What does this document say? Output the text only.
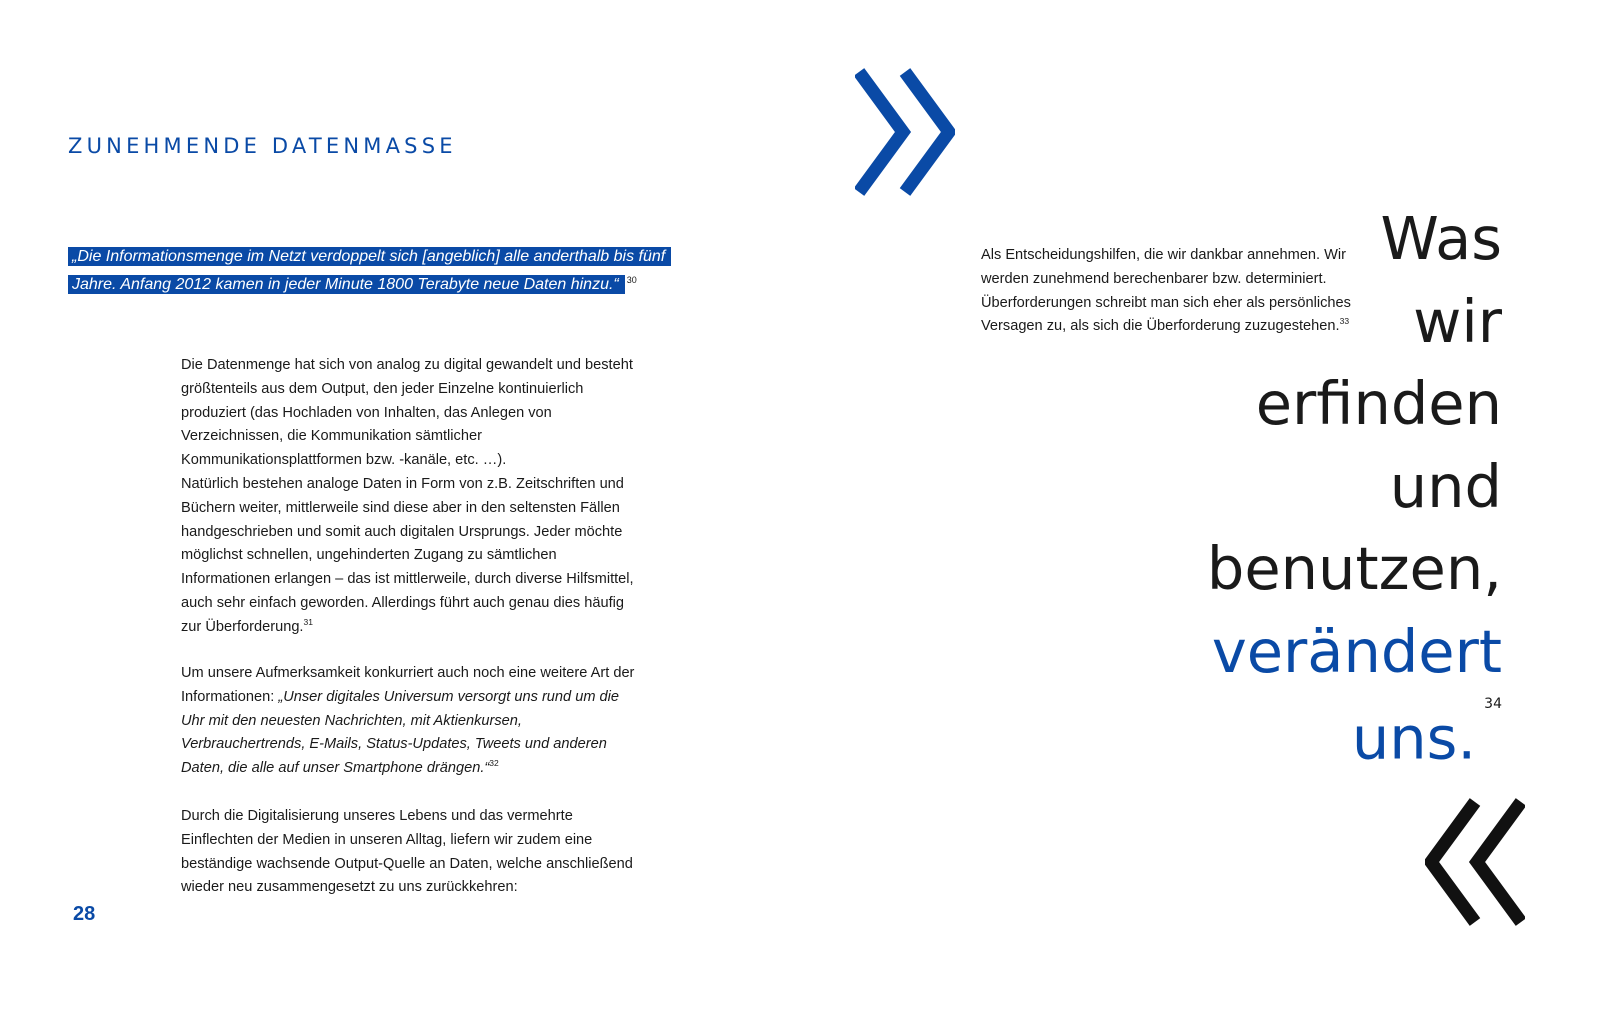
ZUNEHMENDE DATENMASSE
„Die Informationsmenge im Netzt verdoppelt sich [angeblich] alle anderthalb bis fünf Jahre. Anfang 2012 kamen in jeder Minute 1800 Terabyte neue Daten hinzu.“ $^{30}$

Die Datenmenge hat sich von analog zu digital gewandelt und besteht größtenteils aus dem Output, den jeder Einzelne kontinuierlich produziert (das Hochladen von Inhalten, das Anlegen von Verzeichnissen, die Kommunikation sämtlicher Kommunikationsplattformen bzw. -kanäle, etc. …).

Natürlich bestehen analoge Daten in Form von z.B. Zeitschriften und Büchern weiter, mittlerweile sind diese aber in den seltensten Fällen handgeschrieben und somit auch digitalen Ursprungs. Jeder möchte möglichst schnellen, ungehinderten Zugang zu sämtlichen Informationen erlangen – das ist mittlerweile, durch diverse Hilfsmittel, auch sehr einfach geworden. Allerdings führt auch genau dies häufig zur Überforderung.$^{31}$

Um unsere Aufmerksamkeit konkurriert auch noch eine weitere Art der Informationen: „Unser digitales Universum versorgt uns rund um die Uhr mit den neuesten Nachrichten, mit Aktienkursen, Verbrauchertrends, E-Mails, Status-Updates, Tweets und anderen Daten, die alle auf unser Smartphone drängen.“$^{32}$

Durch die Digitalisierung unseres Lebens und das vermehrte Einflechten der Medien in unseren Alltag, liefern wir zudem eine beständige wachsende Output-Quelle an Daten, welche anschließend wieder neu zusammengesetzt zu uns zurückkehren:

28

Als Entscheidungshilfen, die wir dankbar annehmen. Wir werden zunehmend berechenbarer bzw. determiniert. Überforderungen schreibt man sich eher als persönliches Versagen zu, als sich die Überforderung zuzugestehen.$^{33}$

Was
wir
erfinden
und
benutzen,
verändert
uns. $^{34}$
